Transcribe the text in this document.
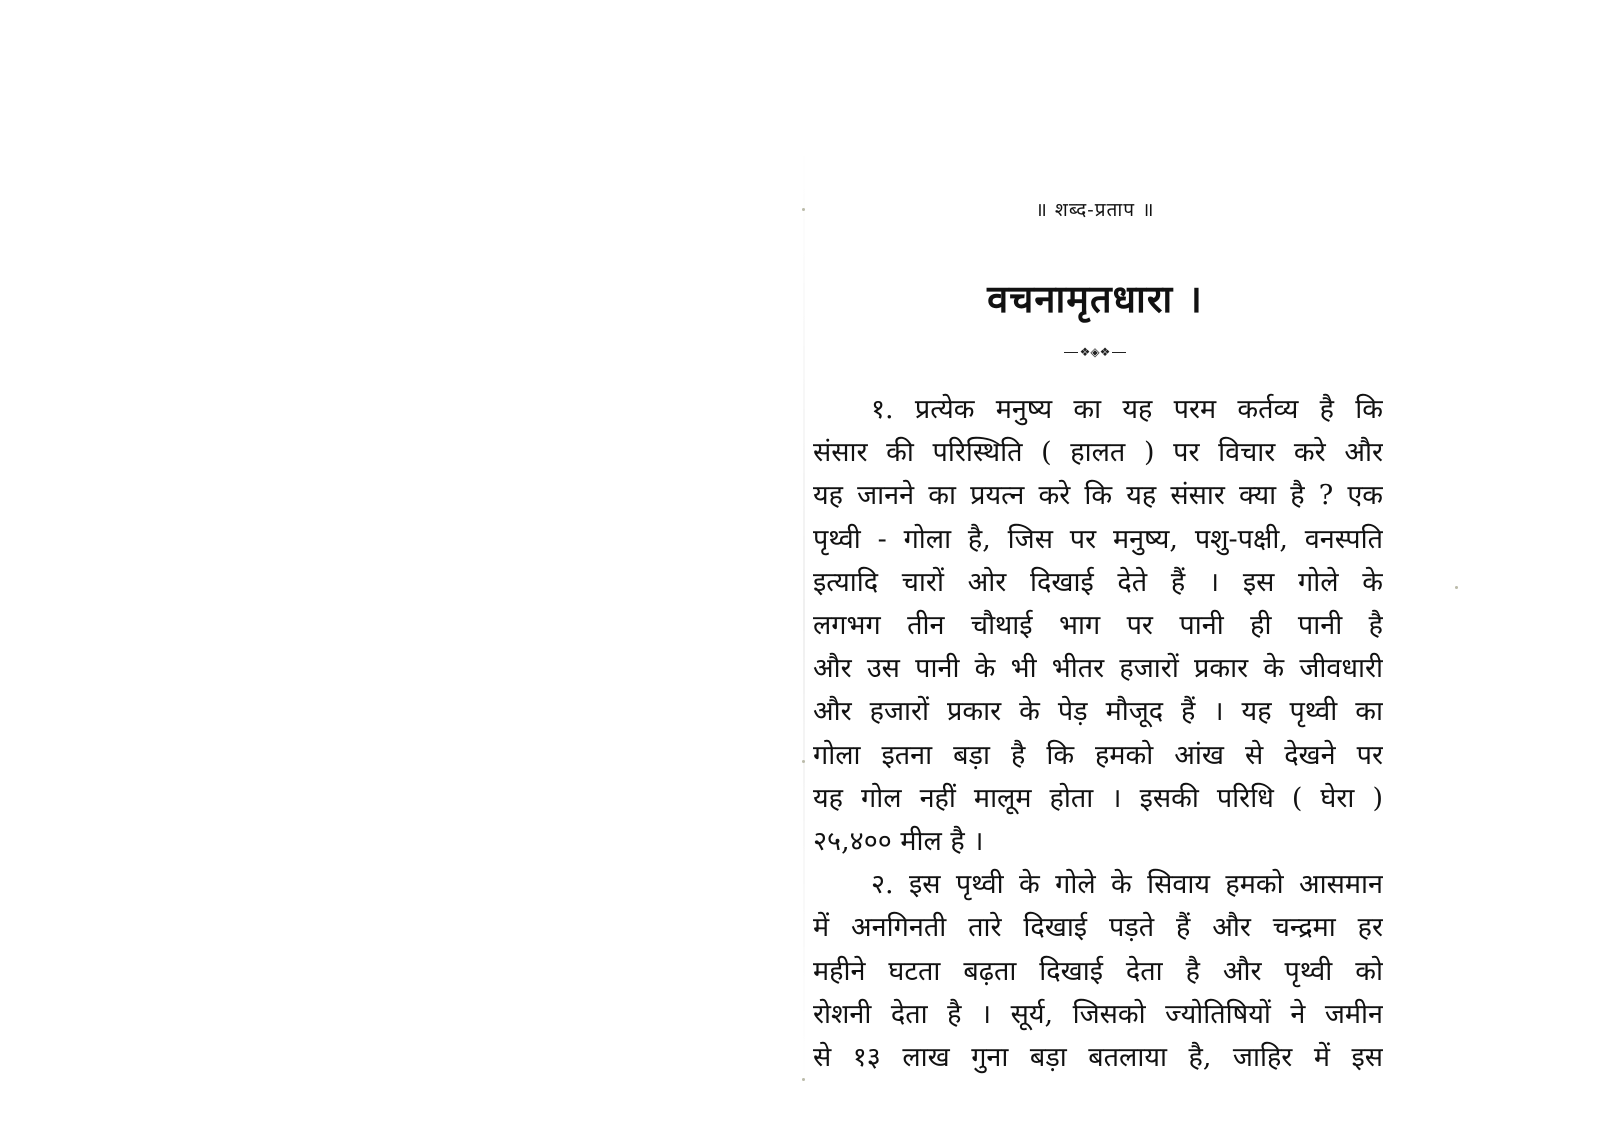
॥ शब्द-प्रताप ॥
वचनामृतधारा ।
❖◈❖
१. प्रत्येक मनुष्य का यह परम कर्तव्य है कि
संसार की परिस्थिति ( हालत ) पर विचार करे और
यह जानने का प्रयत्न करे कि यह संसार क्या है ? एक
पृथ्वी - गोला है, जिस पर मनुष्य, पशु-पक्षी, वनस्पति
इत्यादि चारों ओर दिखाई देते हैं । इस गोले के
लगभग तीन चौथाई भाग पर पानी ही पानी है
और उस पानी के भी भीतर हजारों प्रकार के जीवधारी
और हजारों प्रकार के पेड़ मौजूद हैं । यह पृथ्वी का
गोला इतना बड़ा है कि हमको आंख से देखने पर
यह गोल नहीं मालूम होता । इसकी परिधि ( घेरा )
२५,४०० मील है ।
२. इस पृथ्वी के गोले के सिवाय हमको आसमान
में अनगिनती तारे दिखाई पड़ते हैं और चन्द्रमा हर
महीने घटता बढ़ता दिखाई देता है और पृथ्वी को
रोशनी देता है । सूर्य, जिसको ज्योतिषियों ने जमीन
से १३ लाख गुना बड़ा बतलाया है, जाहिर में इस
